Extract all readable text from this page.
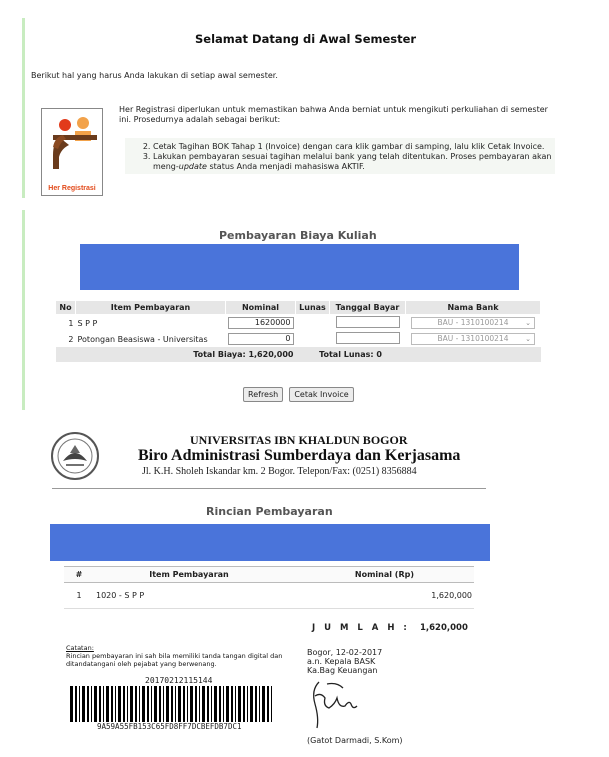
Selamat Datang di Awal Semester
Berikut hal yang harus Anda lakukan di setiap awal semester.
Her Registrasi
Her Registrasi diperlukan untuk memastikan bahwa Anda berniat untuk mengikuti perkuliahan di semester ini. Prosedurnya adalah sebagai berikut:
2. Cetak Tagihan BOK Tahap 1 (Invoice) dengan cara klik gambar di samping, lalu klik Cetak Invoice.
3. Lakukan pembayaran sesuai tagihan melalui bank yang telah ditentukan. Proses pembayaran akan meng-update status Anda menjadi mahasiswa AKTIF.
Pembayaran Biaya Kuliah
No	Item Pembayaran	Nominal	Lunas	Tanggal Bayar	Nama Bank
1	S P P	1620000			BAU - 1310100214 ⌄

2	Potongan Beasiswa - Universitas	0			BAU - 1310100214 ⌄

Total Biaya: 1,620,000			Total Lunas: 0		
Refresh Cetak Invoice
UNIVERSITAS IBN KHALDUN BOGOR
Biro Administrasi Sumberdaya dan Kerjasama
Jl. K.H. Sholeh Iskandar km. 2 Bogor. Telepon/Fax: (0251) 8356884
Rincian Pembayaran
#	Item Pembayaran	Nominal (Rp)
1	1020 - S P P	1,620,000
J U M L A H : 1,620,000
Catatan:
Rincian pembayaran ini sah bila memiliki tanda tangan digital dan ditandatangani oleh pejabat yang berwenang.
20170212115144
9A59A55FB153C65FD8FF7DCBEFDB7DC1
Bogor, 12-02-2017
a.n. Kepala BASK
Ka.Bag Keuangan
(Gatot Darmadi, S.Kom)
